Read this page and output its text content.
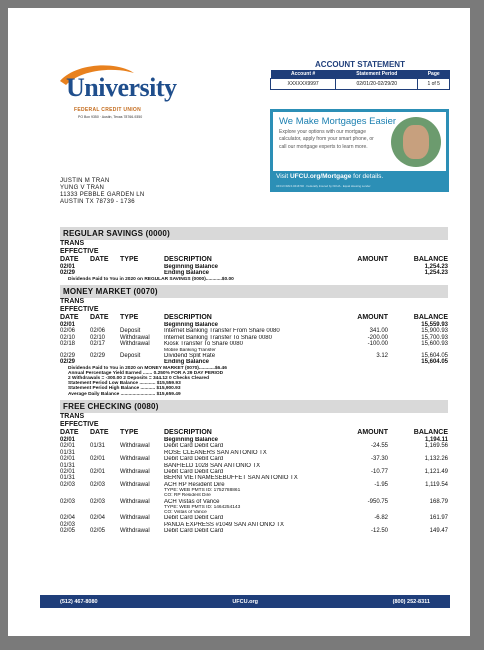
University
FEDERAL CREDIT UNION
PO Box 9350 · Austin, Texas 78766-9350
ACCOUNT STATEMENT
Account #	Statement Period	Page
XXXXXX9997	02/01/20-02/29/20	1 of 5
We Make Mortgages Easier
Explore your options with our mortgage calculator, apply from your smart phone, or call our mortgage experts to learn more.
Visit UFCU.org/Mortgage for details.
UFCU NMLS #416746 · Federally Insured by NCUA · Equal Housing Lender
JUSTIN M TRAN
YUNG V TRAN
11333 PEBBLE GARDEN LN
AUSTIN TX 78739 - 1736
REGULAR SAVINGS (0000)
TRANS
EFFECTIVE
DATE	DATE	TYPE	DESCRIPTION	AMOUNT	BALANCE
02/01	Beginning Balance	1,254.23
02/29	Ending Balance	1,254.23
Dividends Paid to You in 2020 on REGULAR SAVINGS (0000)............$0.00
MONEY MARKET (0070)
TRANS
EFFECTIVE
DATE	DATE	TYPE	DESCRIPTION	AMOUNT	BALANCE
02/01	Beginning Balance	15,559.93
02/06	02/06	Deposit	Internet Banking Transfer From Share 0080	341.00	15,900.93
02/10	02/10	Withdrawal	Internet Banking Transfer To Share 0080	-200.00	15,700.93
02/18	02/17	Withdrawal	Kiosk Transfer To Share 0080	-100.00	15,600.93
Mobile Banking Transfer
02/29	02/29	Deposit	Dividend Split Rate	3.12	15,604.05
02/29	Ending Balance	15,604.05
Dividends Paid to You in 2020 on MONEY MARKET (0070)............$6.46
Annual Percentage Yield Earned ....... 0.250% FOR A 29 DAY PERIOD
2 Withdrawals = -300.00 2 Deposits = 344.12 0 Checks Cleared
Statement Period Low Balance ............ $15,559.93
Statement Period High Balance ........... $15,900.93
Average Daily Balance .......................... $15,659.49
FREE CHECKING (0080)
TRANS
EFFECTIVE
DATE	DATE	TYPE	DESCRIPTION	AMOUNT	BALANCE
02/01	Beginning Balance	1,194.11
02/01	01/31	Withdrawal	Debit Card Debit Card	-24.55	1,169.56
01/31	ROSE CLEANERS SAN ANTONIO TX
02/01	02/01	Withdrawal	Debit Card Debit Card	-37.30	1,132.26
01/31	BANFIELD 1028 SAN ANTONIO TX
02/01	02/01	Withdrawal	Debit Card Debit Card	-10.77	1,121.49
01/31	BERNI VIETNAMESEBUFFET SAN ANTONIO TX
02/03	02/03	Withdrawal	ACH RP Resident Dire	-1.95	1,119.54
TYPE: WEB PMTS ID: 1752788861
CO: RP Resident Dire
02/03	02/03	Withdrawal	ACH Vistas of Vance	-950.75	168.79
TYPE: WEB PMTS ID: 1464254143
CO: Vistas of Vance
02/04	02/04	Withdrawal	Debit Card Debit Card	-6.82	161.97
02/03	PANDA EXPRESS #1049 SAN ANTONIO TX
02/05	02/05	Withdrawal	Debit Card Debit Card	-12.50	149.47
(512) 467-8080	UFCU.org	(800) 252-8311
